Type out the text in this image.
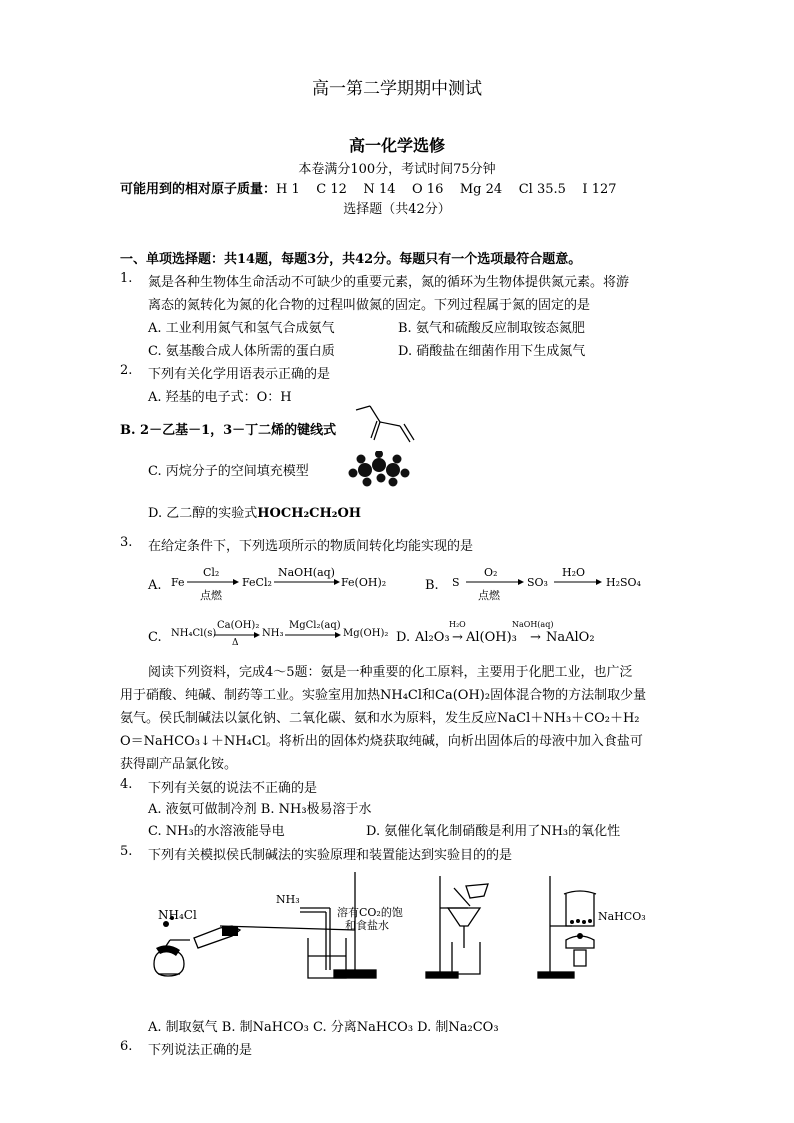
高一第二学期期中测试
高一化学选修
本卷满分100分，考试时间75分钟
可能用到的相对原子质量：H 1    C 12    N 14    O 16    Mg 24    Cl 35.5    I 127
选择题（共42分）
一、单项选择题：共14题，每题3分，共42分。每题只有一个选项最符合题意。
1. 氮是各种生物体生命活动不可缺少的重要元素，氮的循环为生物体提供氮元素。将游
离态的氮转化为氮的化合物的过程叫做氮的固定。下列过程属于氮的固定的是
A. 工业利用氮气和氢气合成氨气	B. 氨气和硫酸反应制取铵态氮肥
C. 氨基酸合成人体所需的蛋白质	D. 硝酸盐在细菌作用下生成氮气
2. 下列有关化学用语表示正确的是
A. 羟基的电子式：O：H
B. 2－乙基－1，3－丁二烯的键线式
C. 丙烷分子的空间填充模型
D. 乙二醇的实验式HOCH₂CH₂OH
3. 在给定条件下，下列选项所示的物质间转化均能实现的是
A. Fe
Cl₂
点燃
FeCl₂
NaOH(aq)
Fe(OH)₂	B. S
O₂
点燃
SO₃
H₂O
H₂SO₄
C. NH₄Cl(s)
Ca(OH)₂
Δ
NH₃
MgCl₂(aq)
Mg(OH)₂ D. Al₂O₃
H₂O
→ Al(OH)₃
NaOH(aq)
→ NaAlO₂
阅读下列资料，完成4～5题：氨是一种重要的化工原料，主要用于化肥工业，也广泛
用于硝酸、纯碱、制药等工业。实验室用加热NH₄Cl和Ca(OH)₂固体混合物的方法制取少量
氨气。侯氏制碱法以氯化钠、二氧化碳、氨和水为原料，发生反应NaCl＋NH₃＋CO₂＋H₂
O＝NaHCO₃↓＋NH₄Cl。将析出的固体灼烧获取纯碱，向析出固体后的母液中加入食盐可
获得副产品氯化铵。
4. 下列有关氨的说法不正确的是
A. 液氨可做制冷剂 B. NH₃极易溶于水
C. NH₃的水溶液能导电	D. 氨催化氧化制硝酸是利用了NH₃的氧化性
5. 下列有关模拟侯氏制碱法的实验原理和装置能达到实验目的的是
NH₄Cl
NH₃
溶有CO₂的饱
和食盐水
NaHCO₃
A. 制取氨气 B. 制NaHCO₃ C. 分离NaHCO₃ D. 制Na₂CO₃
6. 下列说法正确的是
